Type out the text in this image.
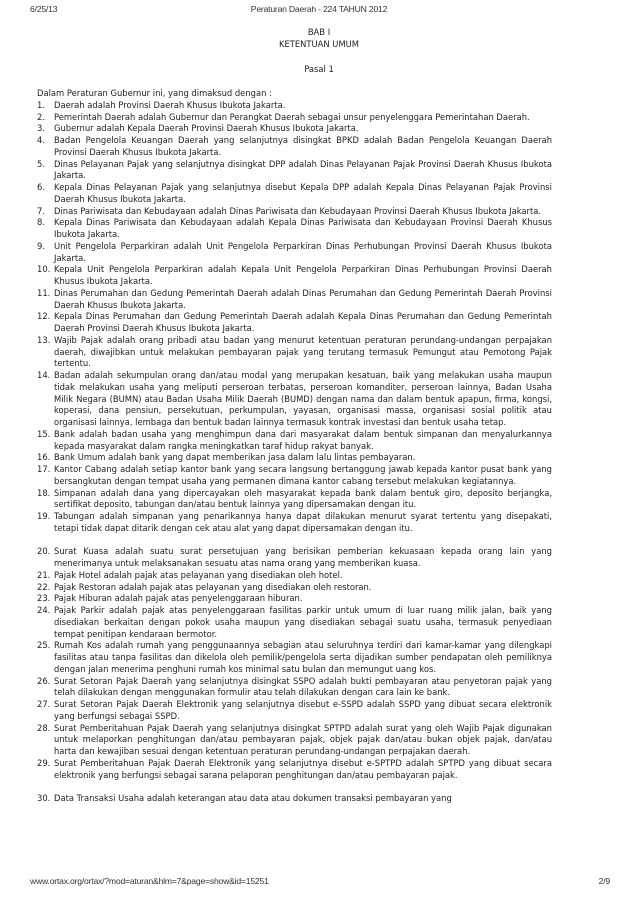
6/25/13	Peraturan Daerah - 224 TAHUN 2012
BAB I
KETENTUAN UMUM
Pasal 1

Dalam Peraturan Gubernur ini, yang dimaksud dengan :

1.	Daerah adalah Provinsi Daerah Khusus Ibukota Jakarta.
2.	Pemerintah Daerah adalah Gubernur dan Perangkat Daerah sebagai unsur penyelenggara Pemerintahan Daerah.
3.	Gubernur adalah Kepala Daerah Provinsi Daerah Khusus Ibukota Jakarta.
4.	Badan Pengelola Keuangan Daerah yang selanjutnya disingkat BPKD adalah Badan Pengelola Keuangan Daerah Provinsi Daerah Khusus Ibukota Jakarta.
5.	Dinas Pelayanan Pajak yang selanjutnya disingkat DPP adalah Dinas Pelayanan Pajak Provinsi Daerah Khusus Ibukota Jakarta.
6.	Kepala Dinas Pelayanan Pajak yang selanjutnya disebut Kepala DPP adalah Kepala Dinas Pelayanan Pajak Provinsi Daerah Khusus Ibukota Jakarta.
7.	Dinas Pariwisata dan Kebudayaan adalah Dinas Pariwisata dan Kebudayaan Provinsi Daerah Khusus Ibukota Jakarta.
8.	Kepala Dinas Pariwisata dan Kebudayaan adalah Kepala Dinas Pariwisata dan Kebudayaan Provinsi Daerah Khusus Ibukota Jakarta.
9.	Unit Pengelola Perparkiran adalah Unit Pengelola Perparkiran Dinas Perhubungan Provinsi Daerah Khusus Ibukota Jakarta.
10. Kepala Unit Pengelola Perparkiran adalah Kepala Unit Pengelola Perparkiran Dinas Perhubungan Provinsi Daerah Khusus Ibukota Jakarta.
11. Dinas Perumahan dan Gedung Pemerintah Daerah adalah Dinas Perumahan dan Gedung Pemerintah Daerah Provinsi Daerah Khusus Ibukota Jakarta.
12. Kepala Dinas Perumahan dan Gedung Pemerintah Daerah adalah Kepala Dinas Perumahan dan Gedung Pemerintah Daerah Provinsi Daerah Khusus Ibukota Jakarta.
13. Wajib Pajak adalah orang pribadi atau badan yang menurut ketentuan peraturan perundang-undangan perpajakan daerah, diwajibkan untuk melakukan pembayaran pajak yang terutang termasuk Pemungut atau Pemotong Pajak tertentu.
14. Badan adalah sekumpulan orang dan/atau modal yang merupakan kesatuan, baik yang melakukan usaha maupun tidak melakukan usaha yang meliputi perseroan terbatas, perseroan komanditer, perseroan lainnya, Badan Usaha Milik Negara (BUMN) atau Badan Usaha Milik Daerah (BUMD) dengan nama dan dalam bentuk apapun, firma, kongsi, koperasi, dana pensiun, persekutuan, perkumpulan, yayasan, organisasi massa, organisasi sosial politik atau organisasi lainnya, lembaga dan bentuk badan lainnya termasuk kontrak investasi dan bentuk usaha tetap.
15. Bank adalah badan usaha yang menghimpun dana dari masyarakat dalam bentuk simpanan dan menyalurkannya kepada masyarakat dalam rangka meningkatkan taraf hidup rakyat banyak.
16. Bank Umum adalah bank yang dapat memberikan jasa dalam lalu lintas pembayaran.
17. Kantor Cabang adalah setiap kantor bank yang secara langsung bertanggung jawab kepada kantor pusat bank yang bersangkutan dengan tempat usaha yang permanen dimana kantor cabang tersebut melakukan kegiatannya.
18. Simpanan adalah dana yang dipercayakan oleh masyarakat kepada bank dalam bentuk giro, deposito berjangka, sertifikat deposito, tabungan dan/atau bentuk lainnya yang dipersamakan dengan itu.
19. Tabungan adalah simpanan yang penarikannya hanya dapat dilakukan menurut syarat tertentu yang disepakati, tetapi tidak dapat ditarik dengan cek atau alat yang dapat dipersamakan dengan itu.
20. Surat Kuasa adalah suatu surat persetujuan yang berisikan pemberian kekuasaan kepada orang lain yang menerimanya untuk melaksanakan sesuatu atas nama orang yang memberikan kuasa.
21. Pajak Hotel adalah pajak atas pelayanan yang disediakan oleh hotel.
22. Pajak Restoran adalah pajak atas pelayanan yang disediakan oleh restoran.
23. Pajak Hiburan adalah pajak atas penyelenggaraan hiburan.
24. Pajak Parkir adalah pajak atas penyelenggaraan fasilitas parkir untuk umum di luar ruang milik jalan, baik yang disediakan berkaitan dengan pokok usaha maupun yang disediakan sebagai suatu usaha, termasuk penyediaan tempat penitipan kendaraan bermotor.
25. Rumah Kos adalah rumah yang penggunaannya sebagian atau seluruhnya terdiri dari kamar-kamar yang dilengkapi fasilitas atau tanpa fasilitas dan dikelola oleh pemilik/pengelola serta dijadikan sumber pendapatan oleh pemiliknya dengan jalan menerima penghuni rumah kos minimal satu bulan dan memungut uang kos.
26. Surat Setoran Pajak Daerah yang selanjutnya disingkat SSPO adalah bukti pembayaran atau penyetoran pajak yang telah dilakukan dengan menggunakan formulir atau telah dilakukan dengan cara lain ke bank.
27. Surat Setoran Pajak Daerah Elektronik yang selanjutnya disebut e-SSPD adalah SSPD yang dibuat secara elektronik yang berfungsi sebagai SSPD.
28. Surat Pemberitahuan Pajak Daerah yang selanjutnya disingkat SPTPD adalah surat yang oleh Wajib Pajak digunakan untuk melaporkan penghitungan dan/atau pembayaran pajak, objek pajak dan/atau bukan objek pajak, dan/atau harta dan kewajiban sesuai dengan ketentuan peraturan perundang-undangan perpajakan daerah.
29. Surat Pemberitahuan Pajak Daerah Elektronik yang selanjutnya disebut e-SPTPD adalah SPTPD yang dibuat secara elektronik yang berfungsi sebagai sarana pelaporan penghitungan dan/atau pembayaran pajak.
30. Data Transaksi Usaha adalah keterangan atau data atau dokumen transaksi pembayaran yang
www.ortax.org/ortax/?mod=aturan&hlm=7&page=show&id=15251	2/9
